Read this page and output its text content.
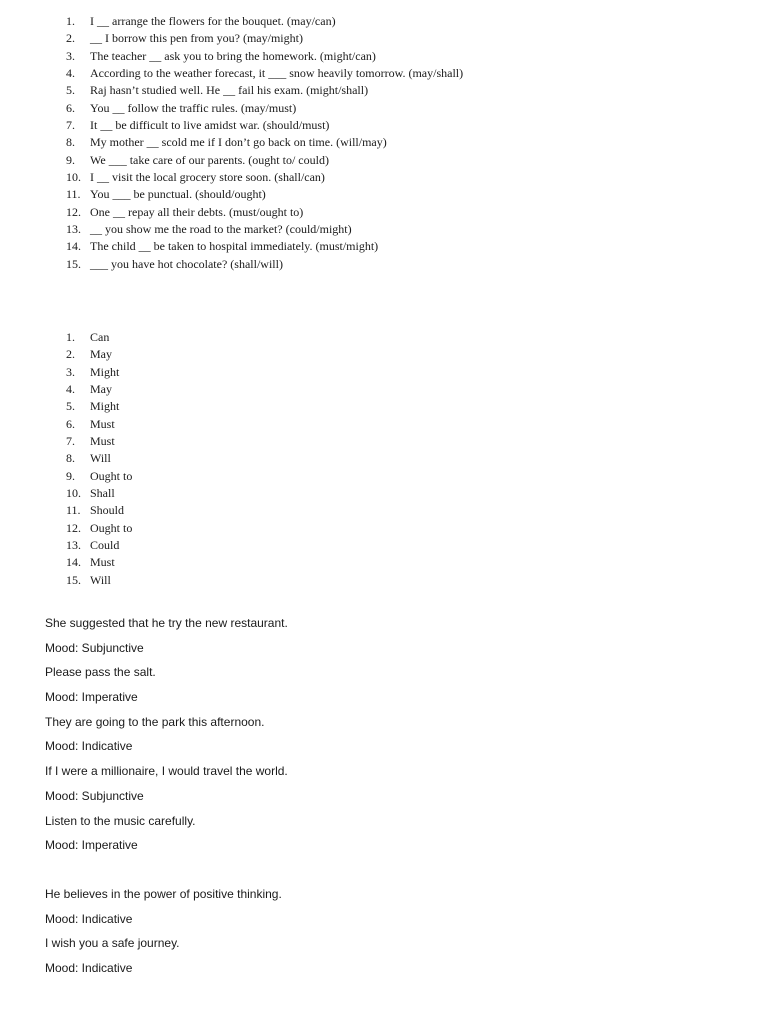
1.	I __ arrange the flowers for the bouquet. (may/can)
2.	__ I borrow this pen from you? (may/might)
3.	The teacher __ ask you to bring the homework. (might/can)
4.	According to the weather forecast, it ___ snow heavily tomorrow. (may/shall)
5.	Raj hasn’t studied well. He __ fail his exam. (might/shall)
6.	You __ follow the traffic rules. (may/must)
7.	It __ be difficult to live amidst war. (should/must)
8.	My mother __ scold me if I don’t go back on time. (will/may)
9.	We ___ take care of our parents. (ought to/ could)
10. I __ visit the local grocery store soon. (shall/can)
11. You ___ be punctual. (should/ought)
12. One __ repay all their debts. (must/ought to)
13. __ you show me the road to the market? (could/might)
14. The child __ be taken to hospital immediately. (must/might)
15. ___ you have hot chocolate? (shall/will)
1.	Can
2.	May
3.	Might
4.	May
5.	Might
6.	Must
7.	Must
8.	Will
9.	Ought to
10. Shall
11. Should
12. Ought to
13. Could
14. Must
15. Will

She suggested that he try the new restaurant.

Mood: Subjunctive

Please pass the salt.

Mood: Imperative

They are going to the park this afternoon.

Mood: Indicative

If I were a millionaire, I would travel the world.

Mood: Subjunctive

Listen to the music carefully.

Mood: Imperative

He believes in the power of positive thinking.

Mood: Indicative

I wish you a safe journey.

Mood: Indicative
